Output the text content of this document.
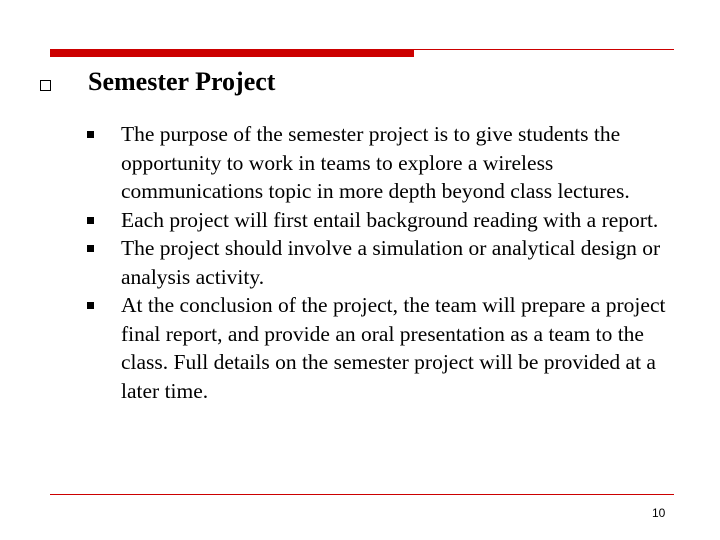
Semester Project
The purpose of the semester project is to give students the opportunity to work in teams to explore a wireless communications topic in more depth beyond class lectures.
Each project will first entail background reading with a report.
The project should involve a simulation or analytical design or analysis activity.
At the conclusion of the project, the team will prepare a project final report, and provide an oral presentation as a team to the class. Full details on the semester project will be provided at a later time.
10
